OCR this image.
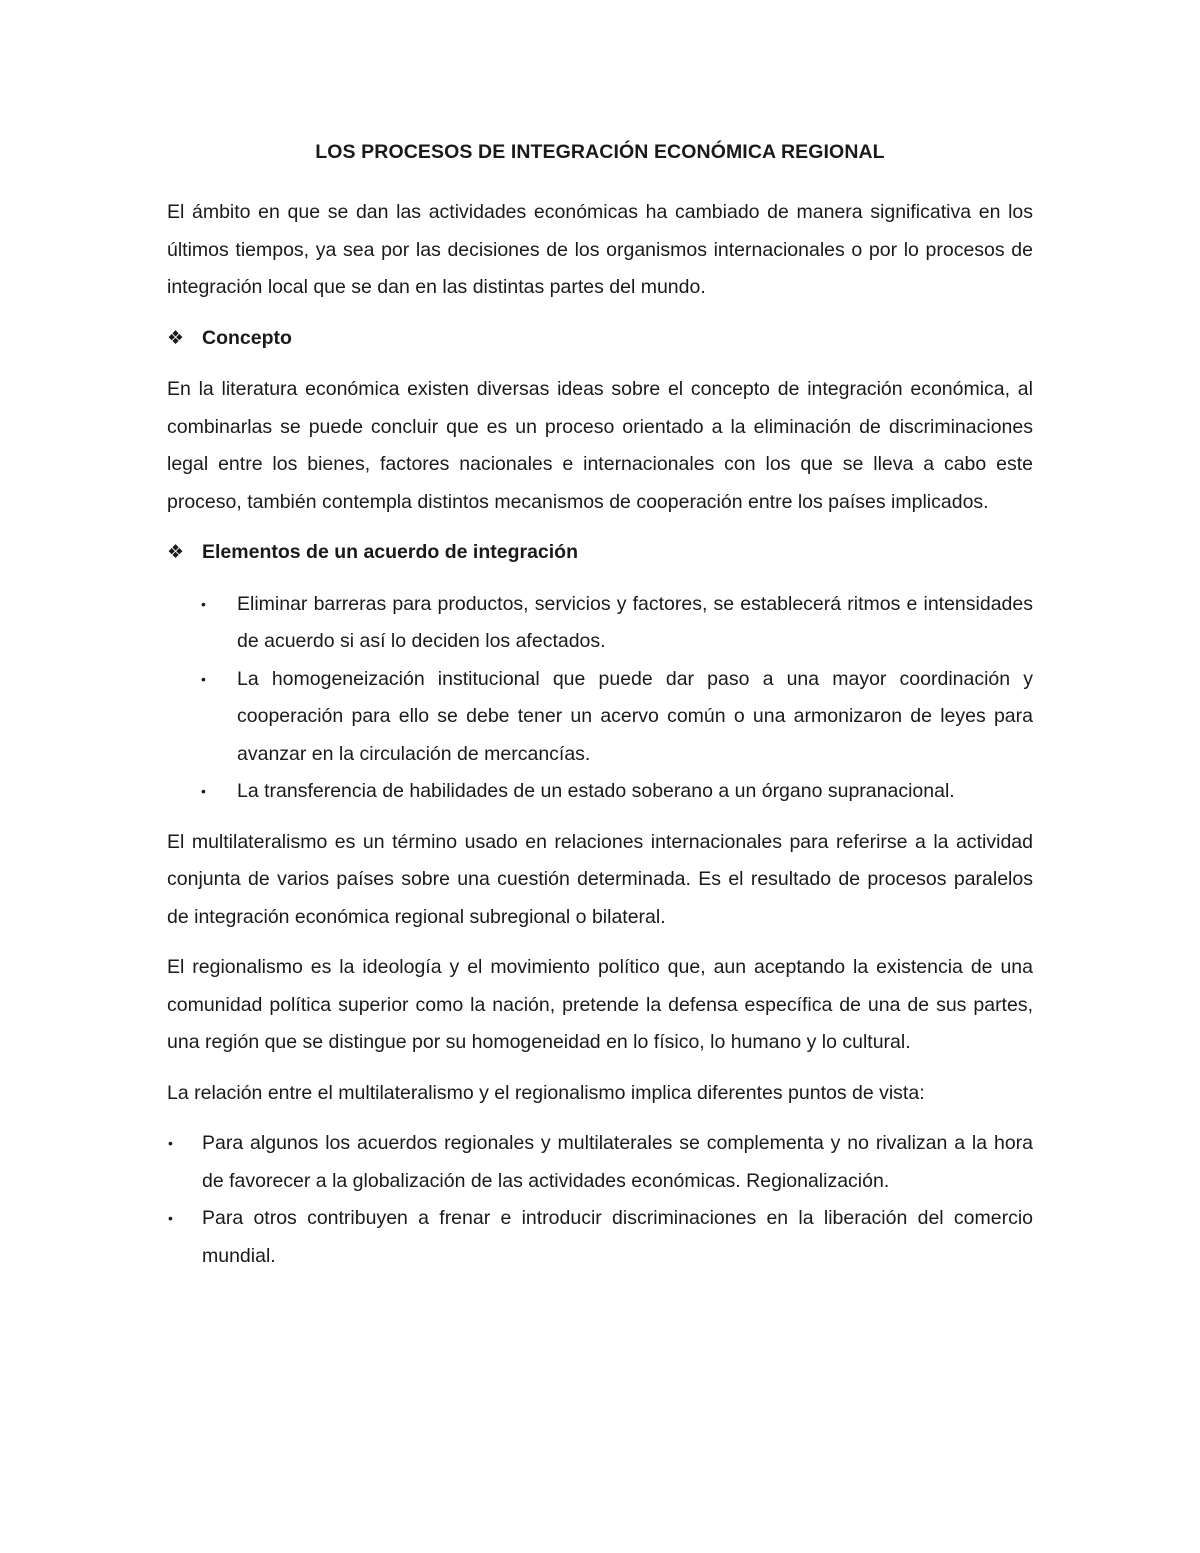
LOS PROCESOS DE INTEGRACIÓN ECONÓMICA REGIONAL

El ámbito en que se dan las actividades económicas ha cambiado de manera significativa en los últimos tiempos, ya sea por las decisiones de los organismos internacionales o por lo procesos de integración local que se dan en las distintas partes del mundo.

❖ Concepto

En la literatura económica existen diversas ideas sobre el concepto de integración económica, al combinarlas se puede concluir que es un proceso orientado a la eliminación de discriminaciones legal entre los bienes, factores nacionales e internacionales con los que se lleva a cabo este proceso, también contempla distintos mecanismos de cooperación entre los países implicados.

❖ Elementos de un acuerdo de integración
• Eliminar barreras para productos, servicios y factores, se establecerá ritmos e intensidades de acuerdo si así lo deciden los afectados.
• La homogeneización institucional que puede dar paso a una mayor coordinación y cooperación para ello se debe tener un acervo común o una armonizaron de leyes para avanzar en la circulación de mercancías.
• La transferencia de habilidades de un estado soberano a un órgano supranacional.

El multilateralismo es un término usado en relaciones internacionales para referirse a la actividad conjunta de varios países sobre una cuestión determinada. Es el resultado de procesos paralelos de integración económica regional subregional o bilateral.

El regionalismo es la ideología y el movimiento político que, aun aceptando la existencia de una comunidad política superior como la nación, pretende la defensa específica de una de sus partes, una región que se distingue por su homogeneidad en lo físico, lo humano y lo cultural.

La relación entre el multilateralismo y el regionalismo implica diferentes puntos de vista:

• Para algunos los acuerdos regionales y multilaterales se complementa y no rivalizan a la hora de favorecer a la globalización de las actividades económicas. Regionalización.
• Para otros contribuyen a frenar e introducir discriminaciones en la liberación del comercio mundial.
